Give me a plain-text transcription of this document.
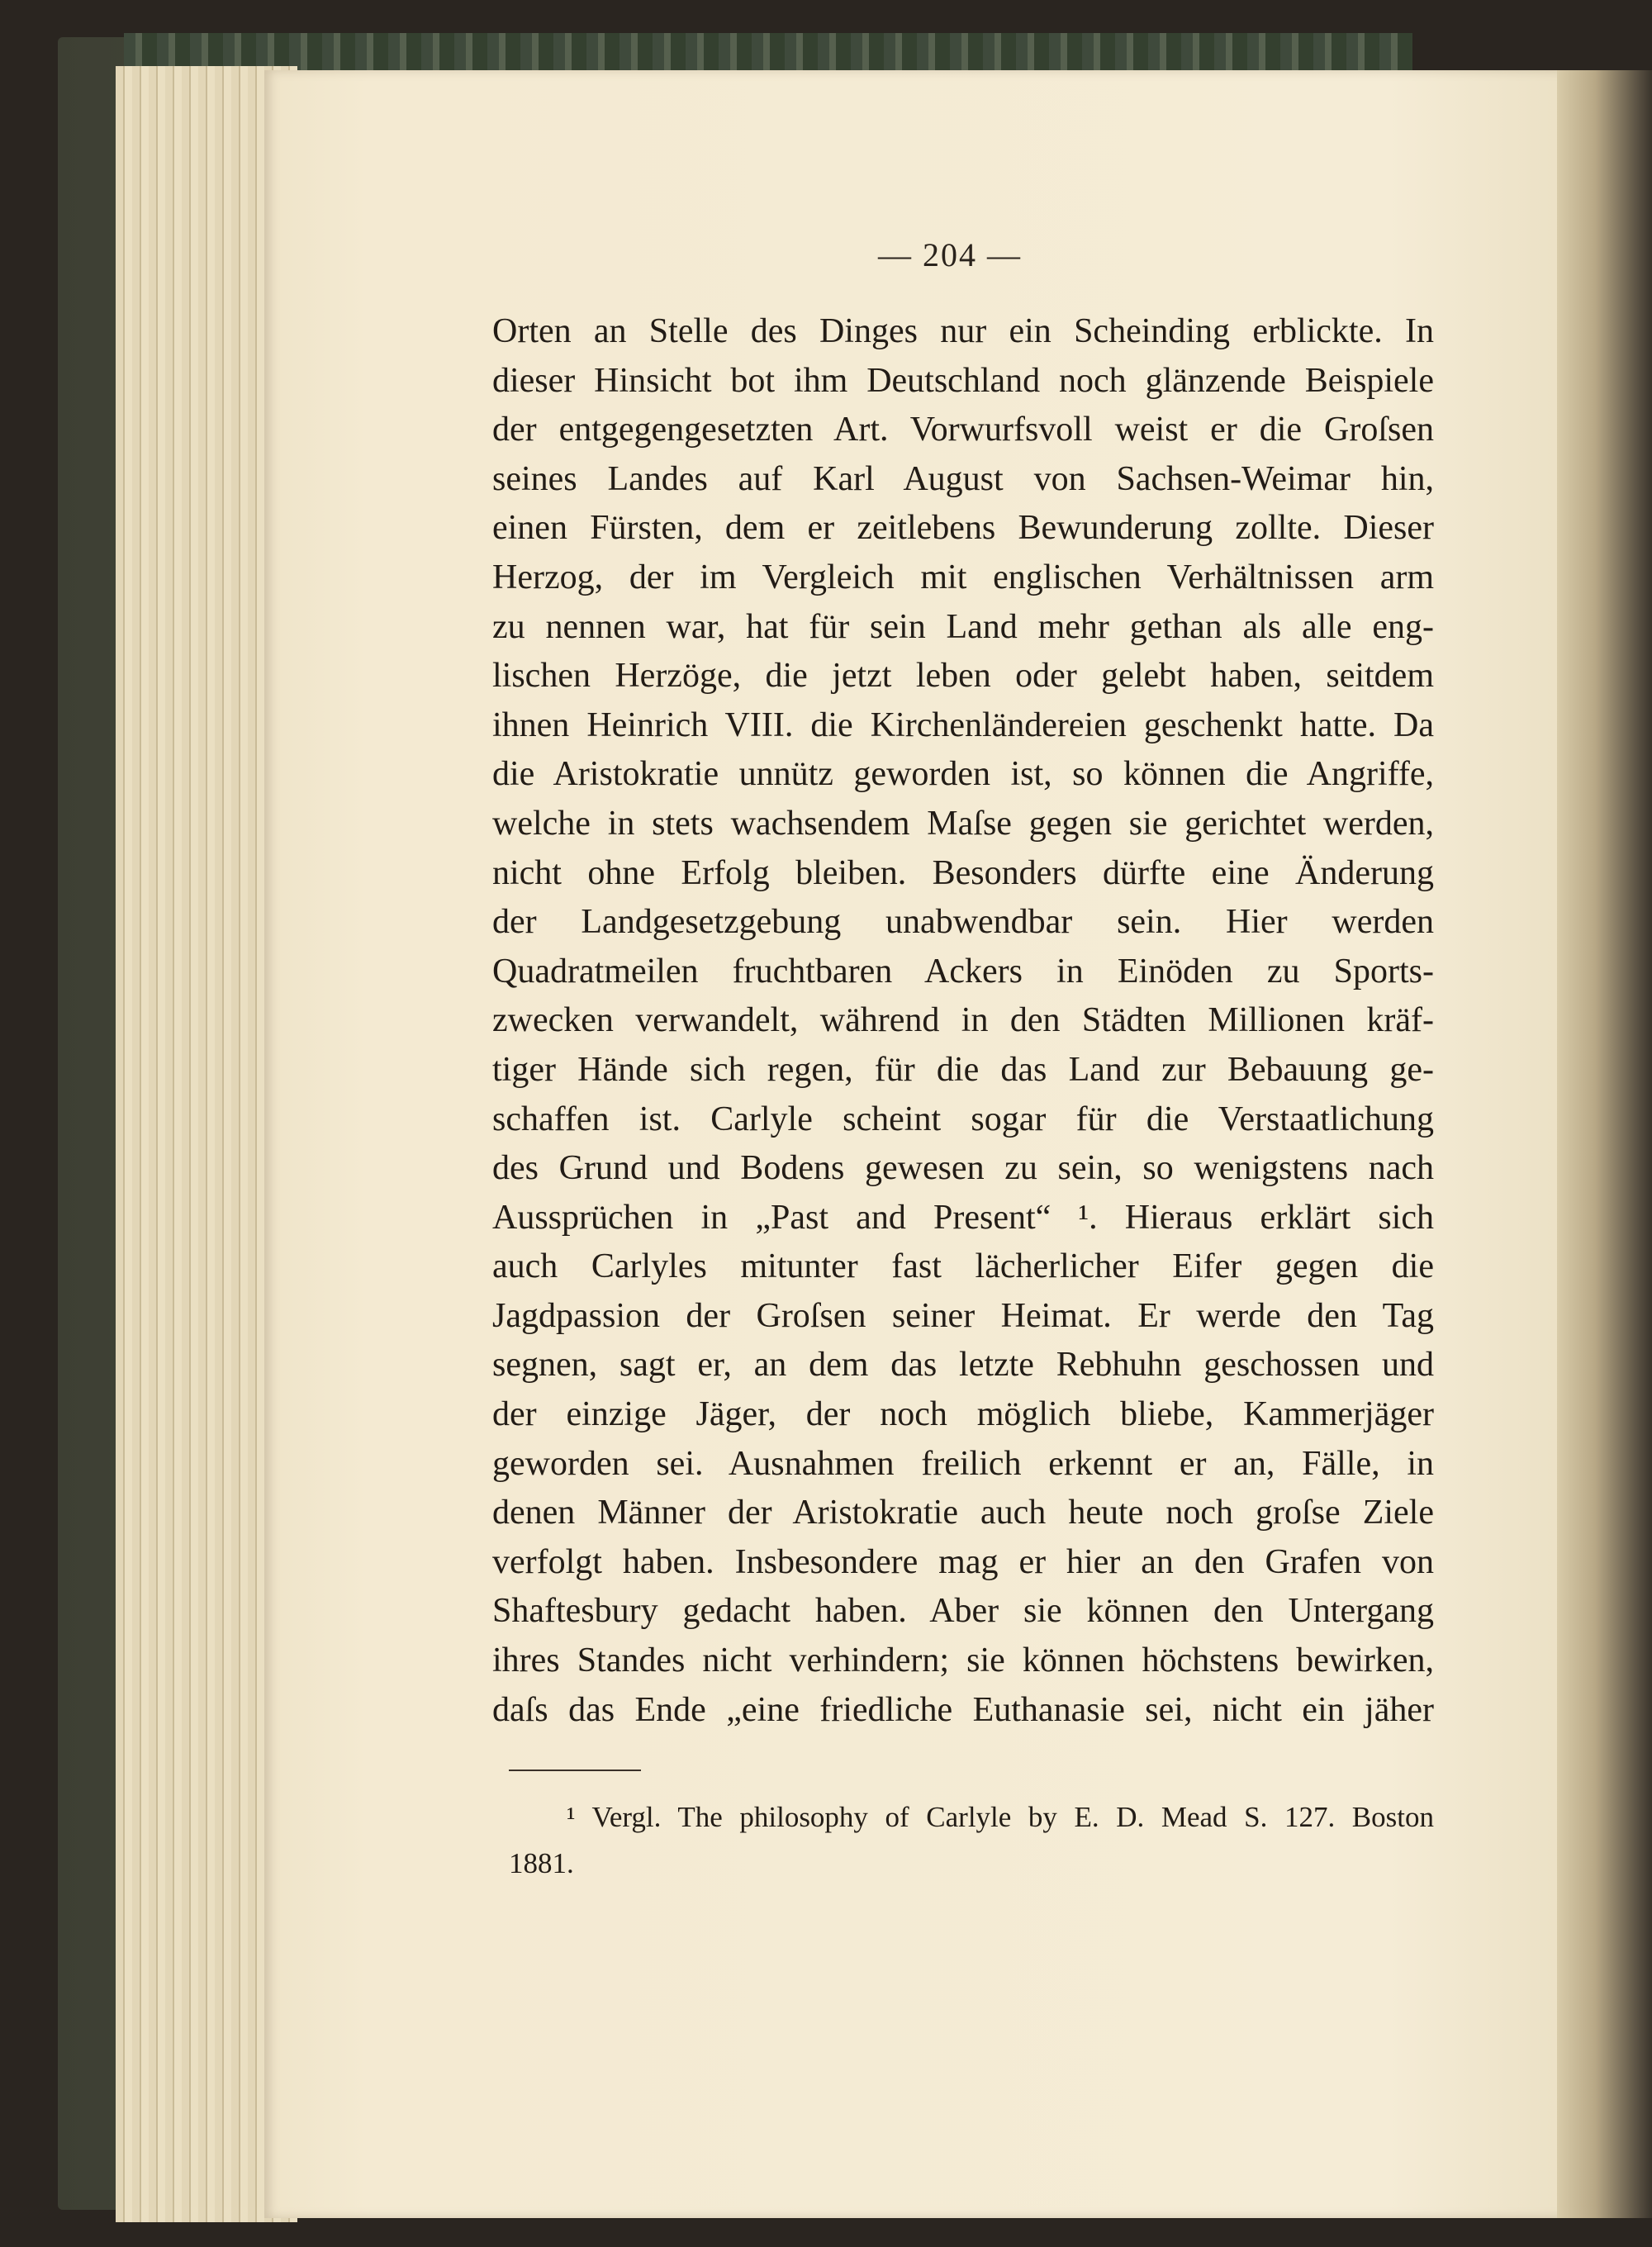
— 204 —
Orten an Stelle des Dinges nur ein Scheinding erblickte. In
dieser Hinsicht bot ihm Deutschland noch glänzende Beispiele
der entgegengesetzten Art. Vorwurfsvoll weist er die Groſsen
seines Landes auf Karl August von Sachsen-Weimar hin,
einen Fürsten, dem er zeitlebens Bewunderung zollte. Dieser
Herzog, der im Vergleich mit englischen Verhältnissen arm
zu nennen war, hat für sein Land mehr gethan als alle eng-
lischen Herzöge, die jetzt leben oder gelebt haben, seitdem
ihnen Heinrich VIII. die Kirchenländereien geschenkt hatte. Da
die Aristokratie unnütz geworden ist, so können die Angriffe,
welche in stets wachsendem Maſse gegen sie gerichtet werden,
nicht ohne Erfolg bleiben. Besonders dürfte eine Änderung
der Landgesetzgebung unabwendbar sein. Hier werden
Quadratmeilen fruchtbaren Ackers in Einöden zu Sports-
zwecken verwandelt, während in den Städten Millionen kräf-
tiger Hände sich regen, für die das Land zur Bebauung ge-
schaffen ist. Carlyle scheint sogar für die Verstaatlichung
des Grund und Bodens gewesen zu sein, so wenigstens nach
Aussprüchen in „Past and Present“ ¹. Hieraus erklärt sich
auch Carlyles mitunter fast lächerlicher Eifer gegen die
Jagdpassion der Groſsen seiner Heimat. Er werde den Tag
segnen, sagt er, an dem das letzte Rebhuhn geschossen und
der einzige Jäger, der noch möglich bliebe, Kammerjäger
geworden sei. Ausnahmen freilich erkennt er an, Fälle, in
denen Männer der Aristokratie auch heute noch groſse Ziele
verfolgt haben. Insbesondere mag er hier an den Grafen von
Shaftesbury gedacht haben. Aber sie können den Untergang
ihres Standes nicht verhindern; sie können höchstens bewirken,
daſs das Ende „eine friedliche Euthanasie sei, nicht ein jäher
¹ Vergl. The philosophy of Carlyle by E. D. Mead S. 127. Boston
1881.
